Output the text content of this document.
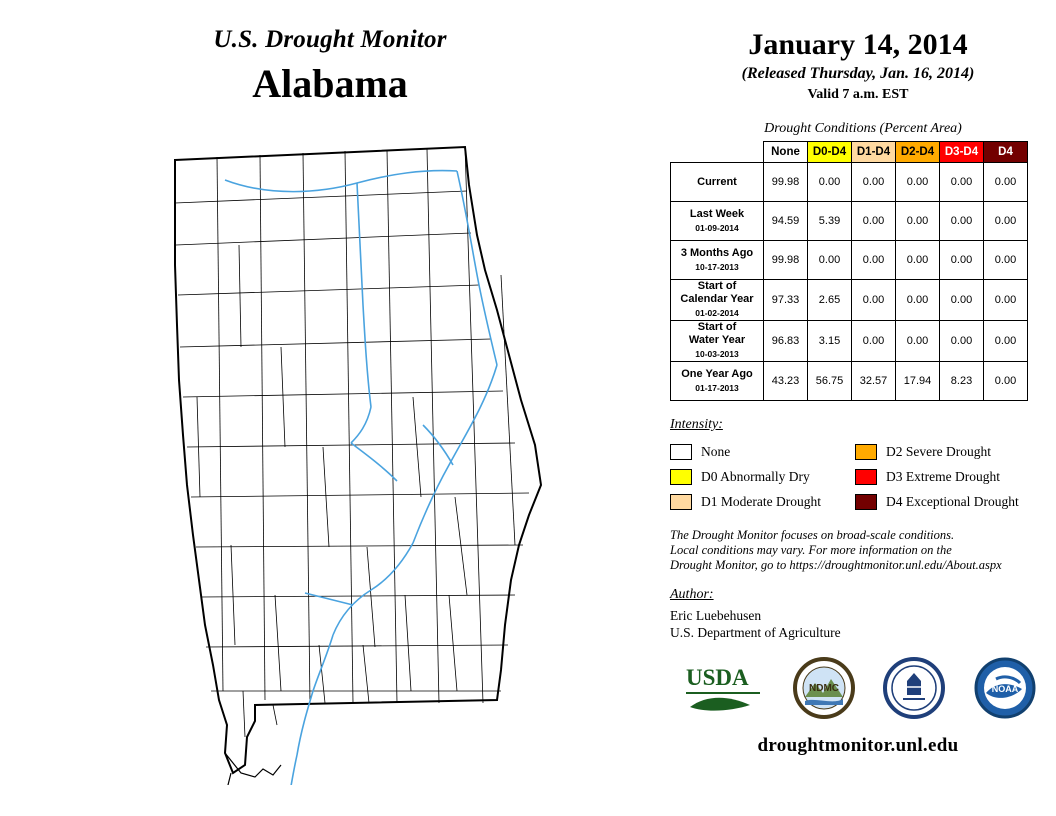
U.S. Drought Monitor
Alabama
January 14, 2014
(Released Thursday, Jan. 16, 2014)
Valid 7 a.m. EST
Drought Conditions (Percent Area)
	None	D0-D4	D1-D4	D2-D4	D3-D4	D4
Current	99.98	0.00	0.00	0.00	0.00	0.00
Last Week
01-09-2014	94.59	5.39	0.00	0.00	0.00	0.00
3 Months Ago
10-17-2013	99.98	0.00	0.00	0.00	0.00	0.00
Start of
Calendar Year
01-02-2014	97.33	2.65	0.00	0.00	0.00	0.00
Start of
Water Year
10-03-2013	96.83	3.15	0.00	0.00	0.00	0.00
One Year Ago
01-17-2013	43.23	56.75	32.57	17.94	8.23	0.00
Intensity:
None	D2 Severe Drought
D0 Abnormally Dry	D3 Extreme Drought
D1 Moderate Drought	D4 Exceptional Drought
The Drought Monitor focuses on broad-scale conditions.
Local conditions may vary. For more information on the
Drought Monitor, go to https://droughtmonitor.unl.edu/About.aspx
Author:
Eric Luebehusen
U.S. Department of Agriculture
USDA	NDMC	NOAA
droughtmonitor.unl.edu
